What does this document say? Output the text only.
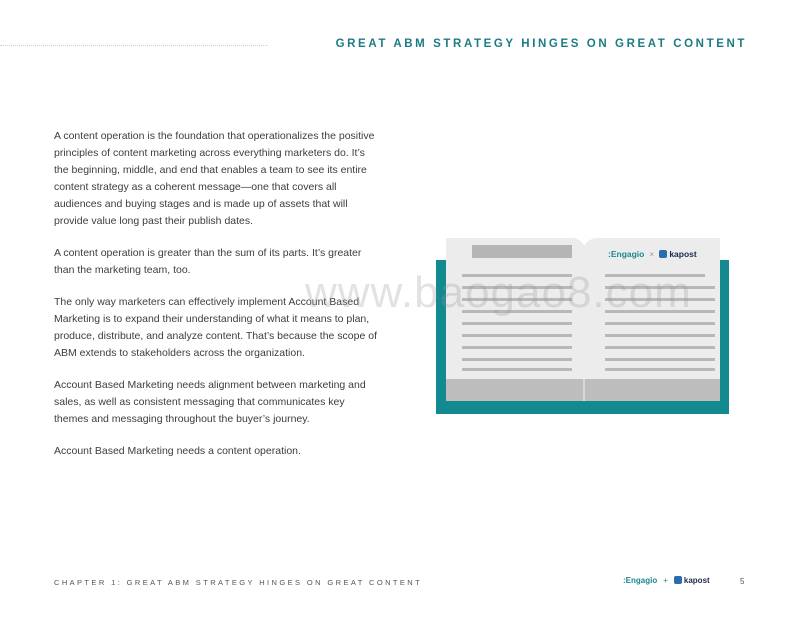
GREAT ABM STRATEGY HINGES ON GREAT CONTENT

A content operation is the foundation that operationalizes the positive principles of content marketing across everything marketers do. It’s the beginning, middle, and end that enables a team to see its entire content strategy as a coherent message—one that covers all audiences and buying stages and is made up of assets that will provide value long past their publish dates.

A content operation is greater than the sum of its parts. It’s greater than the marketing team, too.

The only way marketers can effectively implement Account Based Marketing is to expand their understanding of what it means to plan, produce, distribute, and analyze content. That’s because the scope of ABM extends to stakeholders across the organization.

Account Based Marketing needs alignment between marketing and sales, as well as consistent messaging that communicates key themes and messaging throughout the buyer’s journey.

Account Based Marketing needs a content operation.

:Engagio × kapost
www.baogao8.com
CHAPTER 1: GREAT ABM STRATEGY HINGES ON GREAT CONTENT	:Engagio + kapost	5
